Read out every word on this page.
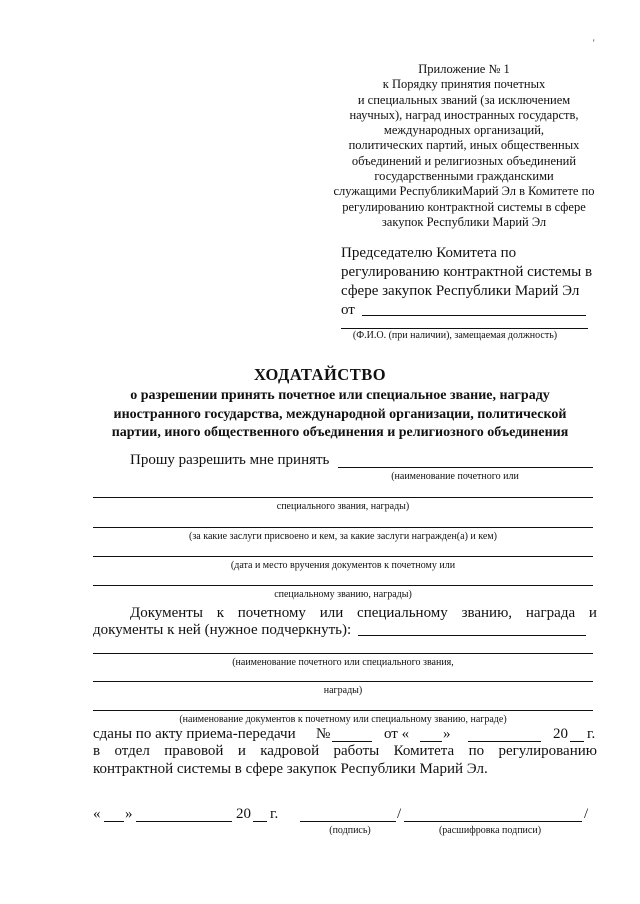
'
Приложение № 1
к Порядку принятия почетных
и специальных званий (за исключением
научных), наград иностранных государств,
международных организаций,
политических партий, иных общественных
объединений и религиозных объединений
государственными гражданскими
служащими РеспубликиМарий Эл в Комитете по
регулированию контрактной системы в сфере
закупок Республики Марий Эл
Председателю Комитета по
регулированию контрактной системы в
сфере закупок Республики Марий Эл
от
(Ф.И.О. (при наличии), замещаемая должность)
ХОДАТАЙСТВО
о разрешении принять почетное или специальное звание, награду
иностранного государства, международной организации, политической
партии, иного общественного объединения и религиозного объединения
Прошу разрешить мне принять
(наименование почетного или
специального звания, награды)
(за какие заслуги присвоено и кем, за какие заслуги награжден(а) и кем)
(дата и место вручения документов к почетному или
специальному званию, награды)
Документы к почетному или специальному званию, награда и
документы к ней (нужное подчеркнуть):
(наименование почетного или специального звания,
награды)
(наименование документов к почетному или специальному званию, награде)
сданы по акту приема-передачи №	от « »	20 г.
в отдел правовой и кадровой работы Комитета по регулированию
контрактной системы в сфере закупок Республики Марий Эл.
« »	20 г.	/	/
(подпись)	(расшифровка подписи)
